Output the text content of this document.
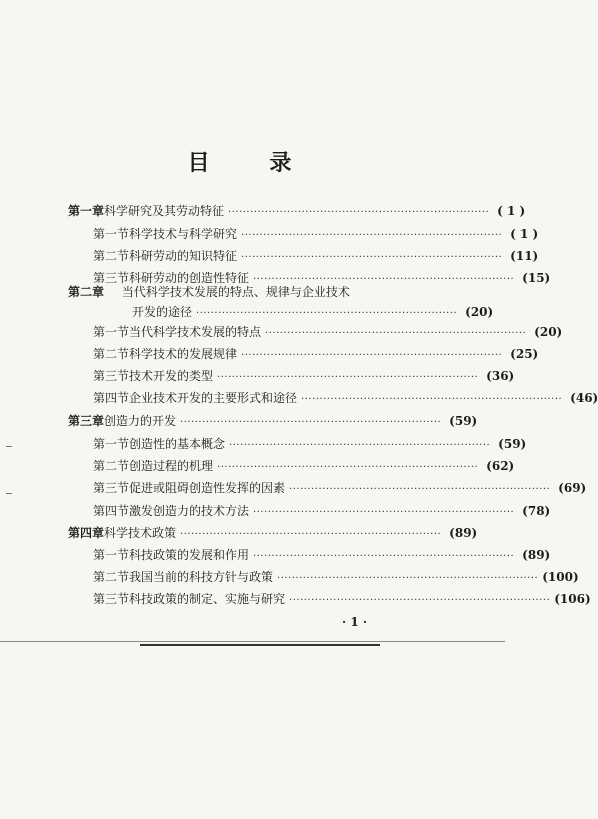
目 录
第一章 科学研究及其劳动特征 ······································································· ( 1 )
第一节 科学技术与科学研究 ······································································· ( 1 )
第二节 科研劳动的知识特征 ······································································· (11)
第三节 科研劳动的创造性特征 ······································································· (15)
第二章 当代科学技术发展的特点、规律与企业技术
开发的途径 ······································································· (20)
第一节 当代科学技术发展的特点 ······································································· (20)
第二节 科学技术的发展规律 ······································································· (25)
第三节 技术开发的类型 ······································································· (36)
第四节 企业技术开发的主要形式和途径 ······································································· (46)
第三章 创造力的开发 ······································································· (59)
第一节 创造性的基本概念 ······································································· (59)
第二节 创造过程的机理 ······································································· (62)
第三节 促进或阻碍创造性发挥的因素 ······································································· (69)
第四节 激发创造力的技术方法 ······································································· (78)
第四章 科学技术政策 ······································································· (89)
第一节 科技政策的发展和作用 ······································································· (89)
第二节 我国当前的科技方针与政策 ······································································· (100)
第三节 科技政策的制定、实施与研究 ······································································· (106)
· 1 ·
